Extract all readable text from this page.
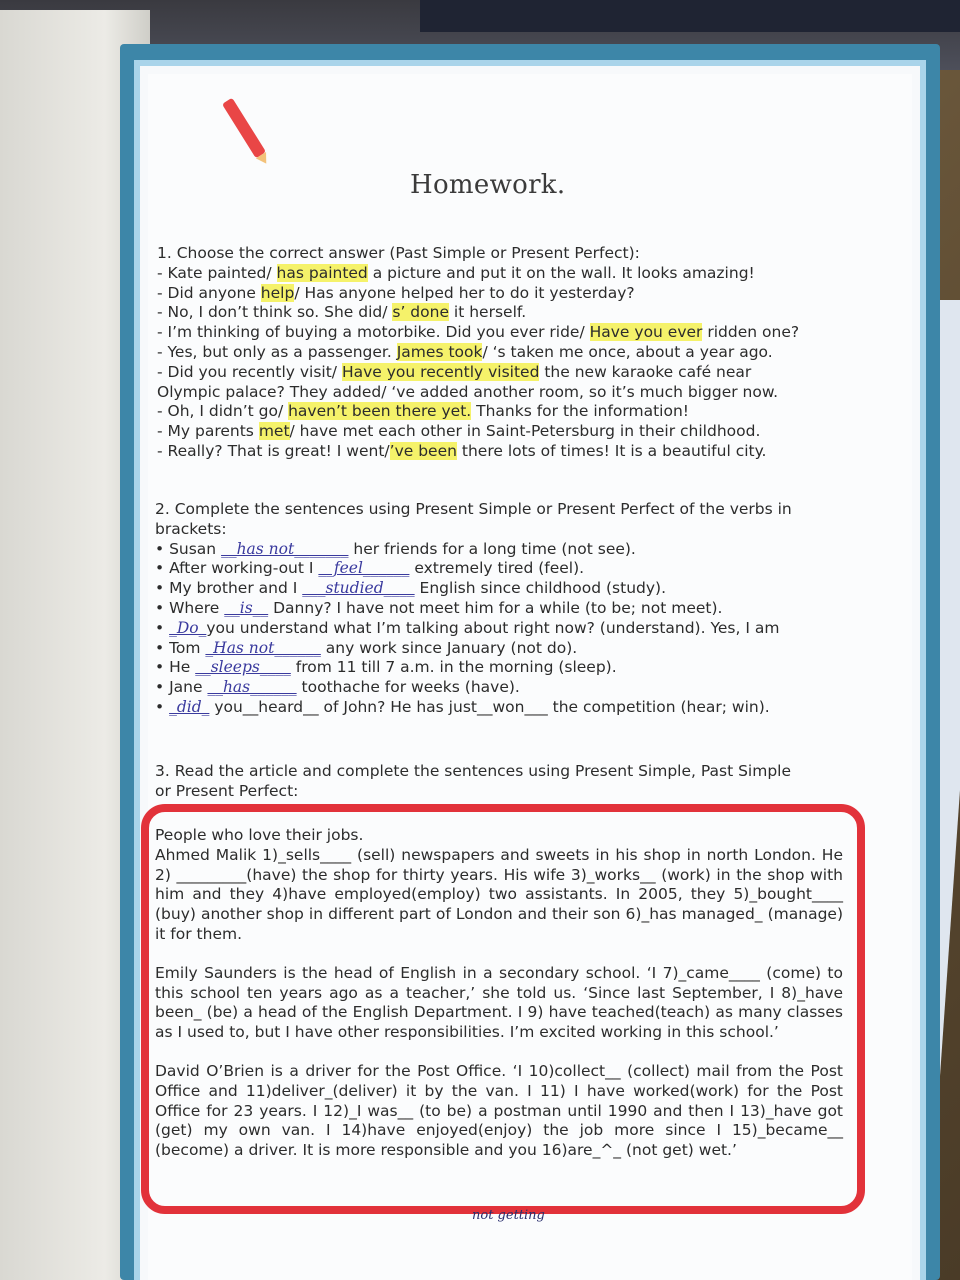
Homework.
1. Choose the correct answer (Past Simple or Present Perfect):
- Kate painted/ has painted a picture and put it on the wall. It looks amazing!
- Did anyone help/ Has anyone helped her to do it yesterday?
- No, I don’t think so. She did/ s’ done it herself.
- I’m thinking of buying a motorbike. Did you ever ride/ Have you ever ridden one?
- Yes, but only as a passenger. James took/ ‘s taken me once, about a year ago.
- Did you recently visit/ Have you recently visited the new karaoke café near
Olympic palace? They added/ ‘ve added another room, so it’s much bigger now.
- Oh, I didn’t go/ haven’t been there yet. Thanks for the information!
- My parents met/ have met each other in Saint-Petersburg in their childhood.
- Really? That is great! I went/’ve been there lots of times! It is a beautiful city.
2. Complete the sentences using Present Simple or Present Perfect of the verbs in
brackets:
• Susan __has not_______ her friends for a long time (not see).
• After working-out I __feel______ extremely tired (feel).
• My brother and I ___studied____ English since childhood (study).
• Where __is__ Danny? I have not meet him for a while (to be; not meet).
• _Do_you understand what I’m talking about right now? (understand). Yes, I am
• Tom _Has not______ any work since January (not do).
• He __sleeps____ from 11 till 7 a.m. in the morning (sleep).
• Jane __has______ toothache for weeks (have).
• _did_ you__heard__ of John? He has just__won___ the competition (hear; win).
3. Read the article and complete the sentences using Present Simple, Past Simple
or Present Perfect:
People who love their jobs.
Ahmed Malik 1)_sells____ (sell) newspapers and sweets in his shop in north London. He 2) _________(have) the shop for thirty years. His wife 3)_works__ (work) in the shop with him and they 4)have employed(employ) two assistants. In 2005, they 5)_bought____ (buy) another shop in different part of London and their son 6)_has managed_ (manage) it for them.
Emily Saunders is the head of English in a secondary school. ‘I 7)_came____ (come) to this school ten years ago as a teacher,’ she told us. ‘Since last September, I 8)_have been_ (be) a head of the English Department. I 9) have teached(teach) as many classes as I used to, but I have other responsibilities. I’m excited working in this school.’
David O’Brien is a driver for the Post Office. ‘I 10)collect__ (collect) mail from the Post Office and 11)deliver_(deliver) it by the van. I 11) I have worked(work) for the Post Office for 23 years. I 12)_I was__ (to be) a postman until 1990 and then I 13)_have got (get) my own van. I 14)have enjoyed(enjoy) the job more since I 15)_became__ (become) a driver. It is more responsible and you 16)are_^_ (not get) wet.’
not getting
